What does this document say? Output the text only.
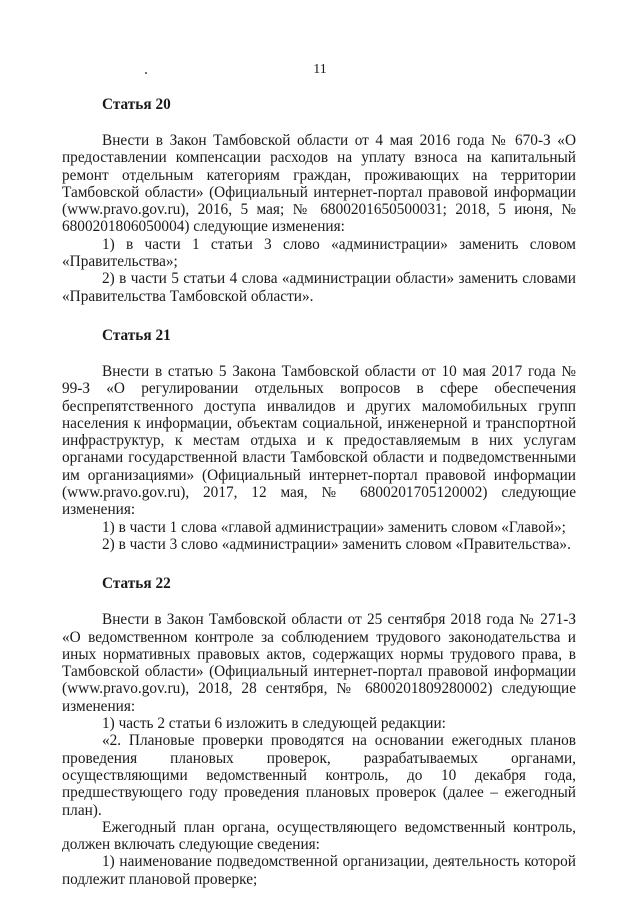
11
Статья 20

Внести в Закон Тамбовской области от 4 мая 2016 года № 670-З «О предоставлении компенсации расходов на уплату взноса на капитальный ремонт отдельным категориям граждан, проживающих на территории Тамбовской области» (Официальный интернет-портал правовой информации (www.pravo.gov.ru), 2016, 5 мая; № 6800201650500031; 2018, 5 июня, № 6800201806050004) следующие изменения:

1) в части 1 статьи 3 слово «администрации» заменить словом «Правительства»;

2) в части 5 статьи 4 слова «администрации области» заменить словами «Правительства Тамбовской области».

Статья 21

Внести в статью 5 Закона Тамбовской области от 10 мая 2017 года № 99-З «О регулировании отдельных вопросов в сфере обеспечения беспрепятственного доступа инвалидов и других маломобильных групп населения к информации, объектам социальной, инженерной и транспортной инфраструктур, к местам отдыха и к предоставляемым в них услугам органами государственной власти Тамбовской области и подведомственными им организациями» (Официальный интернет-портал правовой информации (www.pravo.gov.ru), 2017, 12 мая, № 6800201705120002) следующие изменения:

1) в части 1 слова «главой администрации» заменить словом «Главой»;

2) в части 3 слово «администрации» заменить словом «Правительства».

Статья 22

Внести в Закон Тамбовской области от 25 сентября 2018 года № 271-З «О ведомственном контроле за соблюдением трудового законодательства и иных нормативных правовых актов, содержащих нормы трудового права, в Тамбовской области» (Официальный интернет-портал правовой информации (www.pravo.gov.ru), 2018, 28 сентября, № 6800201809280002) следующие изменения:

1) часть 2 статьи 6 изложить в следующей редакции:

«2. Плановые проверки проводятся на основании ежегодных планов проведения плановых проверок, разрабатываемых органами, осуществляющими ведомственный контроль, до 10 декабря года, предшествующего году проведения плановых проверок (далее – ежегодный план).

Ежегодный план органа, осуществляющего ведомственный контроль, должен включать следующие сведения:

1) наименование подведомственной организации, деятельность которой подлежит плановой проверке;
